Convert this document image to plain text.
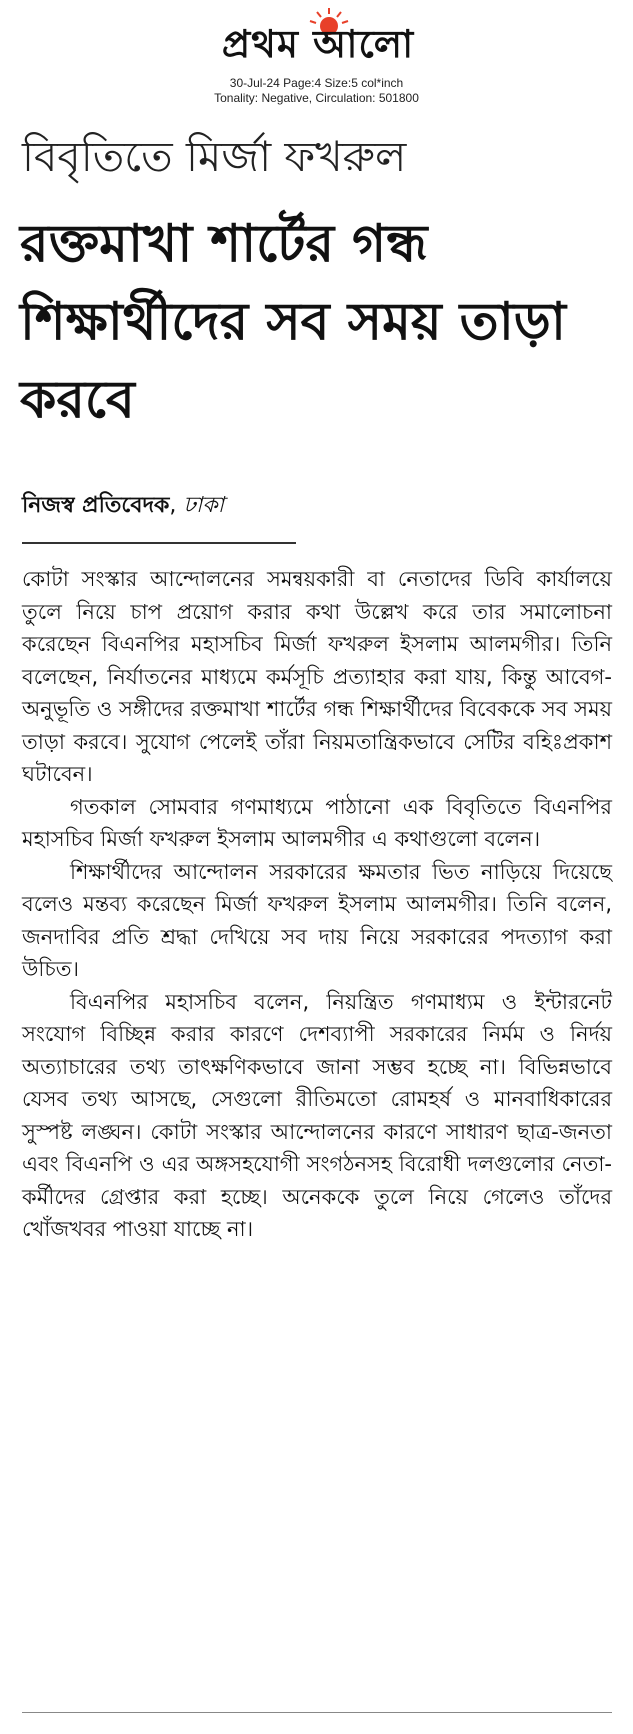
প্রথম আলো
30-Jul-24 Page:4 Size:5 col*inch
Tonality: Negative, Circulation: 501800
বিবৃতিতে মির্জা ফখরুল
রক্তমাখা শার্টের গন্ধ শিক্ষার্থীদের সব সময় তাড়া করবে
নিজস্ব প্রতিবেদক, ঢাকা

কোটা সংস্কার আন্দোলনের সমন্বয়কারী বা নেতাদের ডিবি কার্যালয়ে তুলে নিয়ে চাপ প্রয়োগ করার কথা উল্লেখ করে তার সমালোচনা করেছেন বিএনপির মহাসচিব মির্জা ফখরুল ইসলাম আলমগীর। তিনি বলেছেন, নির্যাতনের মাধ্যমে কর্মসূচি প্রত্যাহার করা যায়, কিন্তু আবেগ-অনুভূতি ও সঙ্গীদের রক্তমাখা শার্টের গন্ধ শিক্ষার্থীদের বিবেককে সব সময় তাড়া করবে। সুযোগ পেলেই তাঁরা নিয়মতান্ত্রিকভাবে সেটির বহিঃপ্রকাশ ঘটাবেন।

গতকাল সোমবার গণমাধ্যমে পাঠানো এক বিবৃতিতে বিএনপির মহাসচিব মির্জা ফখরুল ইসলাম আলমগীর এ কথাগুলো বলেন।

শিক্ষার্থীদের আন্দোলন সরকারের ক্ষমতার ভিত নাড়িয়ে দিয়েছে বলেও মন্তব্য করেছেন মির্জা ফখরুল ইসলাম আলমগীর। তিনি বলেন, জনদাবির প্রতি শ্রদ্ধা দেখিয়ে সব দায় নিয়ে সরকারের পদত্যাগ করা উচিত।

বিএনপির মহাসচিব বলেন, নিয়ন্ত্রিত গণমাধ্যম ও ইন্টারনেট সংযোগ বিচ্ছিন্ন করার কারণে দেশব্যাপী সরকারের নির্মম ও নির্দয় অত্যাচারের তথ্য তাৎক্ষণিকভাবে জানা সম্ভব হচ্ছে না। বিভিন্নভাবে যেসব তথ্য আসছে, সেগুলো রীতিমতো রোমহর্ষ ও মানবাধিকারের সুস্পষ্ট লঙ্ঘন। কোটা সংস্কার আন্দোলনের কারণে সাধারণ ছাত্র-জনতা এবং বিএনপি ও এর অঙ্গসহযোগী সংগঠনসহ বিরোধী দলগুলোর নেতা-কর্মীদের গ্রেপ্তার করা হচ্ছে। অনেককে তুলে নিয়ে গেলেও তাঁদের খোঁজখবর পাওয়া যাচ্ছে না।
